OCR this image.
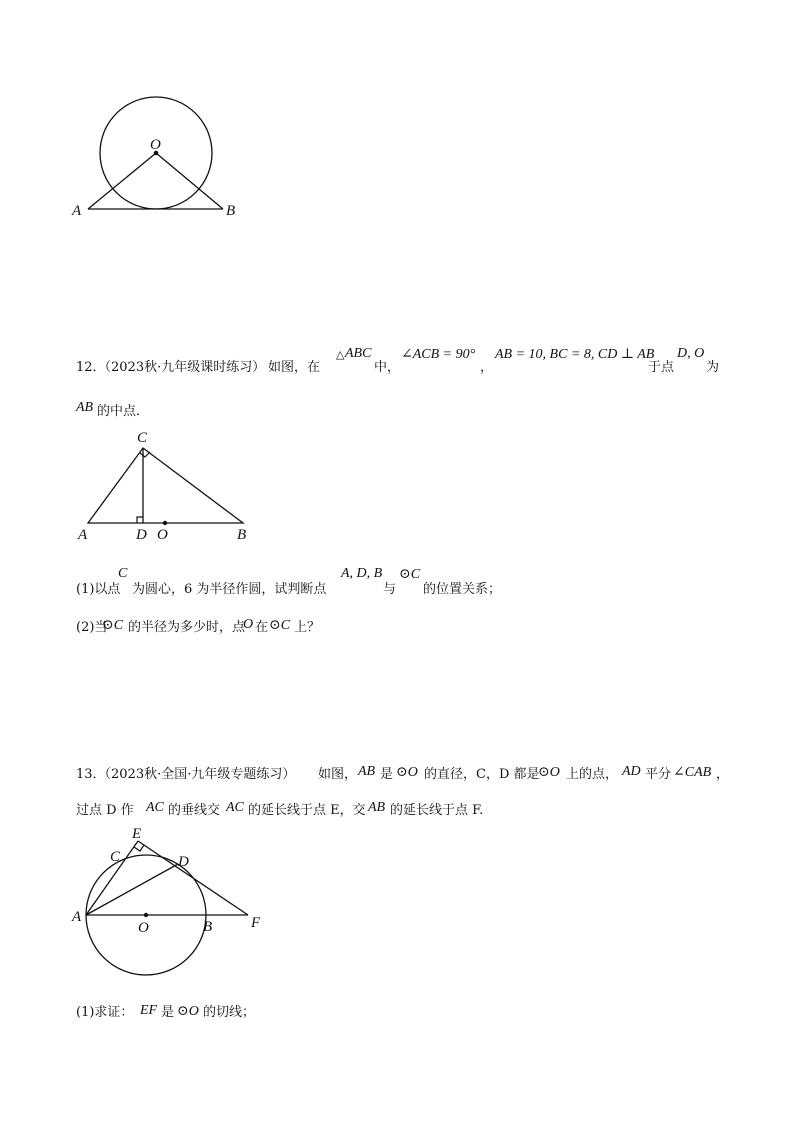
O
A	B
12．
（2023秋·九年级课时练习） 如图，在
△ ABC
中，
∠ACB = 90°
，
AB = 10, BC = 8, CD ⊥ AB
于点
D, O
为
AB 的中点．
C
A	D O	B
(1)以点
C
为圆心，6 为半径作圆，试判断点
A, D, B
与
⊙C
的位置关系；
(2)当
⊙C 的半径为多少时，点
O 在 ⊙C 上？
13．
（2023秋·全国·九年级专题练习） 如图， AB 是 ⊙O 的直径，C，D 都是
⊙O 上的点， AD 平分 ∠CAB ，
过点 D 作 AC 的垂线交 AC 的延长线于点 E，交 AB 的延长线于点 F.
E
C	D
A
O	B	F
(1)求证： EF 是 ⊙O 的切线；
